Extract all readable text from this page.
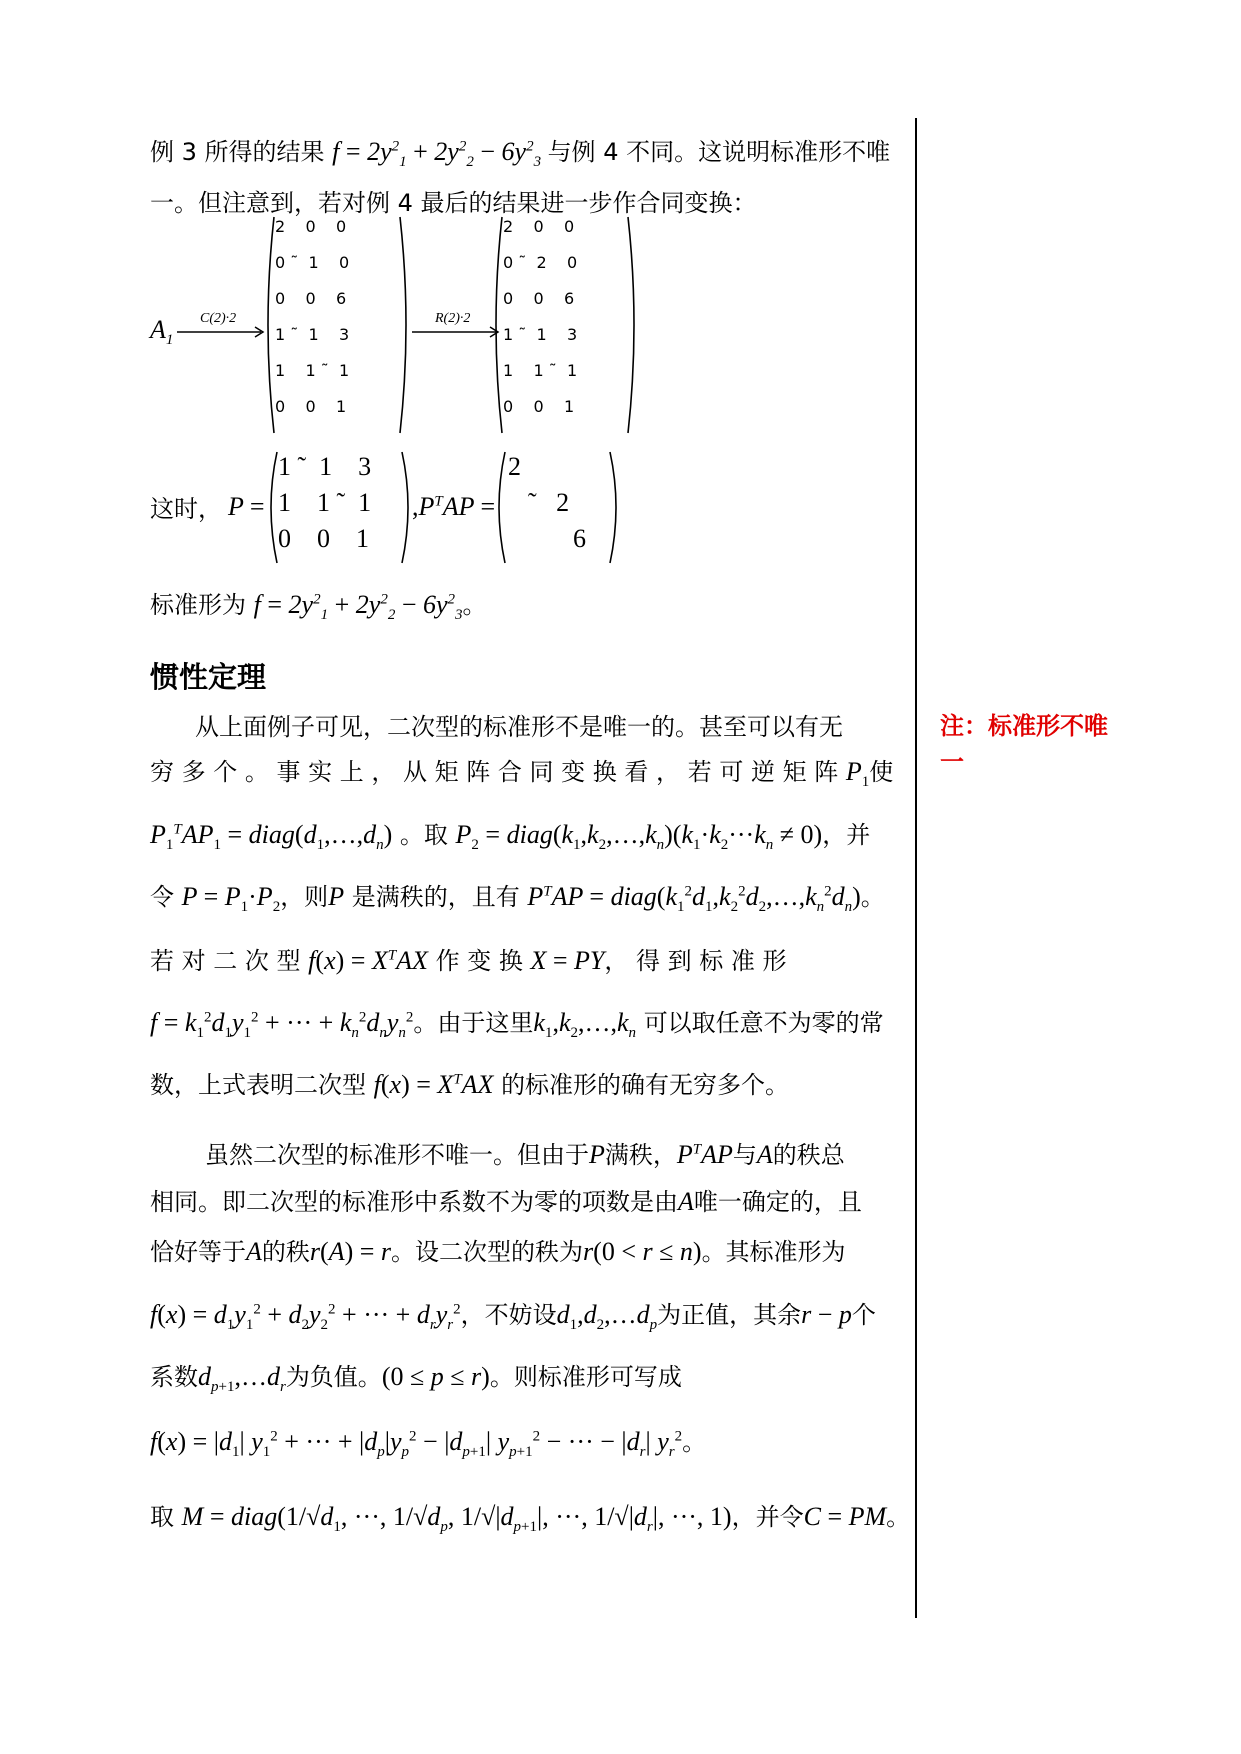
例 3 所得的结果 $f = 2y^2_1 + 2y^2_2 - 6y^2_3$ 与例 4 不同。这说明标准形不唯
一。但注意到，若对例 4 最后的结果进一步作合同变换：
$A_1$
C(2)·2
2    0    0
0 ˜  1    0
0    0    6
1 ˜  1    3
1    1 ˜  1
0    0    1
R(2)·2
2    0    0
0 ˜  2    0
0    0    6
1 ˜  1    3
1    1 ˜  1
0    0    1
这时， P =
1 ˜  1    3
1    1 ˜  1
0    0    1
$,P^TAP$ =
2
˜   2
6
标准形为 $f = 2y^2_1 + 2y^2_2 - 6y^2_3$。
惯性定理
注：标准形不唯一
从上面例子可见，二次型的标准形不是唯一的。甚至可以有无
穷 多 个 。 事 实 上 ， 从 矩 阵 合 同 变 换 看 ， 若 可 逆 矩 阵 $P_1$使
$P_1^TAP_1$ = $diag(d_1,\dots,d_n)$ 。取 $P_2$ = $diag(k_1,k_2,\dots,k_n)(k_1\cdot k_2\cdot\cdot\cdot k_n \ne 0)$，并
令 $P = P_1\cdot P_2$，则P 是满秩的，且有 $P^TAP$ = $diag(k_1^2d_1,k_2^2d_2,\dots,k_n^2d_n)$。
若 对 二 次 型 $f(x) = X^TAX$ 作 变 换 X = PY， 得 到 标 准 形
$f = k_1^2d_1y_1^2$ + ··· + $k_n^2d_ny_n^2$。由于这里$k_1,k_2,\dots,k_n$ 可以取任意不为零的常
数，上式表明二次型 $f(x) = X^TAX$ 的标准形的确有无穷多个。
虽然二次型的标准形不唯一。但由于P满秩，$P^TAP$与A的秩总
相同。即二次型的标准形中系数不为零的项数是由A唯一确定的，且
恰好等于A的秩r(A) = r。设二次型的秩为r(0 < r ≤ n)。其标准形为
$f(x) = d_1y_1^2 + d_2y_2^2$ + ··· + $d_ry_r^2$，不妨设$d_1,d_2,\dots d_p$为正值，其余r − p个
系数$d_{p+1},\dots d_r$为负值。(0 ≤ p ≤ r)。则标准形可写成
$f(x) = |d_1|$ $y_1^2$ + ··· + $|d_p|y_p^2 - |d_{p+1}|$ $y_{p+1}^2$ − ··· − $|d_r|$ $y_r^2$。
取 $M = diag(1/√d_1$, ···, $1/√d_p$, $1/√|d_{p+1}|$, ···, $1/√|d_r|$, ···, 1)，并令C = PM。
